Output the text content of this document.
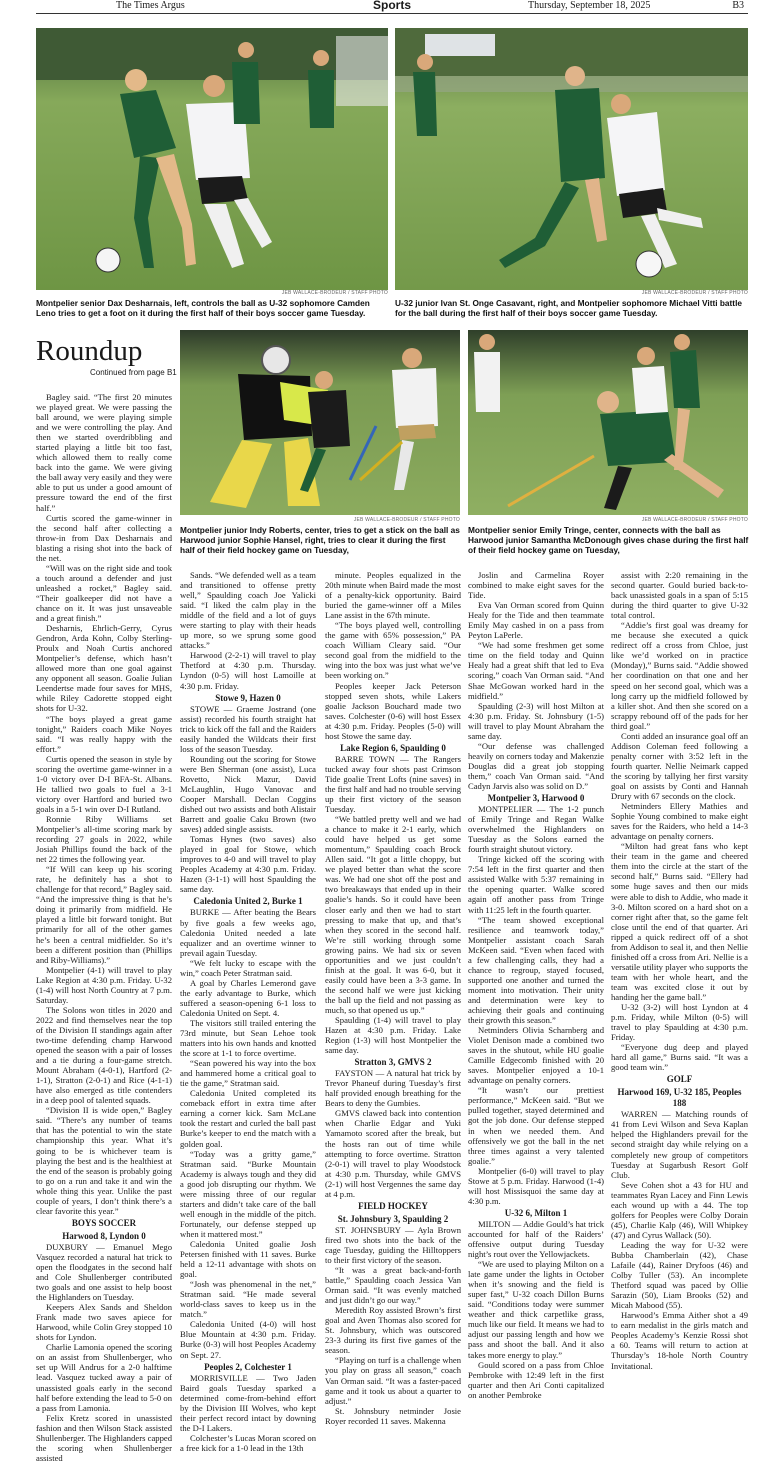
The Times Argus	Sports	Thursday, September 18, 2025	B3
JEB WALLACE-BRODEUR / STAFF PHOTO
Montpelier senior Dax Desharnais, left, controls the ball as U-32 sophomore Camden Leno tries to get a foot on it during the first half of their boys soccer game Tuesday.
JEB WALLACE-BRODEUR / STAFF PHOTO
U-32 junior Ivan St. Onge Casavant, right, and Montpelier sophomore Michael Vitti battle for the ball during the first half of their boys soccer game Tuesday.
Roundup
Continued from page B1
JEB WALLACE-BRODEUR / STAFF PHOTO
Montpelier junior Indy Roberts, center, tries to get a stick on the ball as Harwood junior Sophie Hansel, right, tries to clear it during the first half of their field hockey game on Tuesday,
JEB WALLACE-BRODEUR / STAFF PHOTO
Montpelier senior Emily Tringe, center, connects with the ball as Harwood junior Samantha McDonough gives chase during the first half of their field hockey game on Tuesday,

Bagley said. “The first 20 minutes we played great. We were passing the ball around, we were playing simple and we were controlling the play. And then we started overdribbling and started playing a little bit too fast, which allowed them to really come back into the game. We were giving the ball away very easily and they were able to put us under a good amount of pressure toward the end of the first half.”

Curtis scored the game-winner in the second half after collecting a throw-in from Dax Desharnais and blasting a rising shot into the back of the net.

“Will was on the right side and took a touch around a defender and just unleashed a rocket,” Bagley said. “Their goalkeeper did not have a chance on it. It was just unsaveable and a great finish.”

Desharnis, Ehrlich-Gerry, Cyrus Gendron, Arda Kohn, Colby Sterling-Proulx and Noah Curtis anchored Montpelier’s defense, which hasn’t allowed more than one goal against any opponent all season. Goalie Julian Leendertse made four saves for MHS, while Riley Cadorette stopped eight shots for U-32.

“The boys played a great game tonight,” Raiders coach Mike Noyes said. “I was really happy with the effort.”

Curtis opened the season in style by scoring the overtime game-winner in a 1-0 victory over D-I BFA-St. Albans. He tallied two goals to fuel a 3-1 victory over Hartford and buried two goals in a 5-1 win over D-I Rutland.

Ronnie Riby Williams set Montpelier’s all-time scoring mark by recording 27 goals in 2022, while Josiah Phillips found the back of the net 22 times the following year.

“If Will can keep up his scoring rate, he definitely has a shot to challenge for that record,” Bagley said. “And the impressive thing is that he’s doing it primarily from midfield. He played a little bit forward tonight. But primarily for all of the other games he’s been a central midfielder. So it’s been a different position than (Phillips and Riby-Williams).”

Montpelier (4-1) will travel to play Lake Region at 4:30 p.m. Friday. U-32 (1-4) will host North Country at 7 p.m. Saturday.

The Solons won titles in 2020 and 2022 and find themselves near the top of the Division II standings again after two-time defending champ Harwood opened the season with a pair of losses and a tie during a four-game stretch. Mount Abraham (4-0-1), Hartford (2-1-1), Stratton (2-0-1) and Rice (4-1-1) have also emerged as title contenders in a deep pool of talented squads.

“Division II is wide open,” Bagley said. “There’s any number of teams that has the potential to win the state championship this year. What it’s going to be is whichever team is playing the best and is the healthiest at the end of the season is probably going to go on a run and take it and win the whole thing this year. Unlike the past couple of years, I don’t think there’s a clear favorite this year.”

BOYS SOCCER
Harwood 8, Lyndon 0

DUXBURY — Emanuel Mego Vasquez recorded a natural hat trick to open the floodgates in the second half and Cole Shullenberger contributed two goals and one assist to help boost the Highlanders on Tuesday.

Keepers Alex Sands and Sheldon Frank made two saves apiece for Harwood, while Colin Grey stopped 10 shots for Lyndon.

Charlie Lamonia opened the scoring on an assist from Shullenberger, who set up Will Andrus for a 2-0 halftime lead. Vasquez tucked away a pair of unassisted goals early in the second half before extending the lead to 5-0 on a pass from Lamonia.

Felix Kretz scored in unassisted fashion and then Wilson Stack assisted Shullenberger. The Highlanders capped the scoring when Shullenberger assisted

Sands. “We defended well as a team and transitioned to offense pretty well,” Spaulding coach Joe Yalicki said. “I liked the calm play in the middle of the field and a lot of guys were starting to play with their heads up more, so we sprung some good attacks.”

Harwood (2-2-1) will travel to play Thetford at 4:30 p.m. Thursday. Lyndon (0-5) will host Lamoille at 4:30 p.m. Friday.

Stowe 9, Hazen 0

STOWE — Graeme Jostrand (one assist) recorded his fourth straight hat trick to kick off the fall and the Raiders easily handed the Wildcats their first loss of the season Tuesday.

Rounding out the scoring for Stowe were Ben Sherman (one assist), Luca Rovetto, Nick Mazur, David McLaughlin, Hugo Vanovac and Cooper Marshall. Declan Coggins dished out two assists and both Alistair Barrett and goalie Caku Brown (two saves) added single assists.

Tomas Hynes (two saves) also played in goal for Stowe, which improves to 4-0 and will travel to play Peoples Academy at 4:30 p.m. Friday. Hazen (3-1-1) will host Spaulding the same day.

Caledonia United 2, Burke 1

BURKE — After beating the Bears by five goals a few weeks ago, Caledonia United needed a late equalizer and an overtime winner to prevail again Tuesday.

“We felt lucky to escape with the win,” coach Peter Stratman said.

A goal by Charles Lemerond gave the early advantage to Burke, which suffered a season-opening 6-1 loss to Caledonia United on Sept. 4.

The visitors still trailed entering the 73rd minute, but Sean Lehoe took matters into his own hands and knotted the score at 1-1 to force overtime.

“Sean powered his way into the box and hammered home a critical goal to tie the game,” Stratman said.

Caledonia United completed its comeback effort in extra time after earning a corner kick. Sam McLane took the restart and curled the ball past Burke’s keeper to end the match with a golden goal.

“Today was a gritty game,” Stratman said. “Burke Mountain Academy is always tough and they did a good job disrupting our rhythm. We were missing three of our regular starters and didn’t take care of the ball well enough in the middle of the pitch. Fortunately, our defense stepped up when it mattered most.”

Caledonia United goalie Josh Petersen finished with 11 saves. Burke held a 12-11 advantage with shots on goal.

“Josh was phenomenal in the net,” Stratman said. “He made several world-class saves to keep us in the match.”

Caledonia United (4-0) will host Blue Mountain at 4:30 p.m. Friday. Burke (0-3) will host Peoples Academy on Sept. 27.

Peoples 2, Colchester 1

MORRISVILLE — Two Jaden Baird goals Tuesday sparked a determined come-from-behind effort by the Division III Wolves, who kept their perfect record intact by downing the D-I Lakers.

Colchester’s Lucas Moran scored on a free kick for a 1-0 lead in the 13th

minute. Peoples equalized in the 20th minute when Baird made the most of a penalty-kick opportunity. Baird buried the game-winner off a Miles Lane assist in the 67th minute.

“The boys played well, controlling the game with 65% possession,” PA coach William Cleary said. “Our second goal from the midfield to the wing into the box was just what we’ve been working on.”

Peoples keeper Jack Peterson stopped seven shots, while Lakers goalie Jackson Bouchard made two saves. Colchester (0-6) will host Essex at 4:30 p.m. Friday. Peoples (5-0) will host Stowe the same day.

Lake Region 6, Spaulding 0

BARRE TOWN — The Rangers tucked away four shots past Crimson Tide goalie Trent Lofts (nine saves) in the first half and had no trouble serving up their first victory of the season Tuesday.

“We battled pretty well and we had a chance to make it 2-1 early, which could have helped us get some momentum,” Spaulding coach Brock Allen said. “It got a little choppy, but we played better than what the score was. We had one shot off the post and two breakaways that ended up in their goalie’s hands. So it could have been closer early and then we had to start pressing to make that up, and that’s when they scored in the second half. We’re still working through some growing pains. We had six or seven opportunities and we just couldn’t finish at the goal. It was 6-0, but it easily could have been a 3-3 game. In the second half we were just kicking the ball up the field and not passing as much, so that opened us up.”

Spaulding (1-4) will travel to play Hazen at 4:30 p.m. Friday. Lake Region (1-3) will host Montpelier the same day.

Stratton 3, GMVS 2

FAYSTON — A natural hat trick by Trevor Phaneuf during Tuesday’s first half provided enough breathing for the Bears to deny the Gumbies.

GMVS clawed back into contention when Charlie Edgar and Yuki Yamamoto scored after the break, but the hosts ran out of time while attempting to force overtime. Stratton (2-0-1) will travel to play Woodstock at 4:30 p.m. Thursday, while GMVS (2-1) will host Vergennes the same day at 4 p.m.

FIELD HOCKEY
St. Johnsbury 3, Spaulding 2

ST. JOHNSBURY — Ayla Brown fired two shots into the back of the cage Tuesday, guiding the Hilltoppers to their first victory of the season.

“It was a great back-and-forth battle,” Spaulding coach Jessica Van Orman said. “It was evenly matched and just didn’t go our way.”

Meredith Roy assisted Brown’s first goal and Aven Thomas also scored for St. Johnsbury, which was outscored 23-3 during its first five games of the season.

“Playing on turf is a challenge when you play on grass all season,” coach Van Orman said. “It was a faster-paced game and it took us about a quarter to adjust.”

St. Johnsbury netminder Josie Royer recorded 11 saves. Makenna

Joslin and Carmelina Royer combined to make eight saves for the Tide.

Eva Van Orman scored from Quinn Healy for the Tide and then teammate Emily May cashed in on a pass from Peyton LaPerle.

“We had some freshmen get some time on the field today and Quinn Healy had a great shift that led to Eva scoring,” coach Van Orman said. “And Shae McGowan worked hard in the midfield.”

Spaulding (2-3) will host Milton at 4:30 p.m. Friday. St. Johnsbury (1-5) will travel to play Mount Abraham the same day.

“Our defense was challenged heavily on corners today and Makenzie Douglas did a great job stopping them,” coach Van Orman said. “And Cadyn Jarvis also was solid on D.”

Montpelier 3, Harwood 0

MONTPELIER — The 1-2 punch of Emily Tringe and Regan Walke overwhelmed the Highlanders on Tuesday as the Solons earned the fourth straight shutout victory.

Tringe kicked off the scoring with 7:54 left in the first quarter and then assisted Walke with 5:37 remaining in the opening quarter. Walke scored again off another pass from Tringe with 11:25 left in the fourth quarter.

“The team showed exceptional resilience and teamwork today,” Montpelier assistant coach Sarah McKeen said. “Even when faced with a few challenging calls, they had a chance to regroup, stayed focused, supported one another and turned the moment into motivation. Their unity and determination were key to achieving their goals and continuing their growth this season.”

Netminders Olivia Scharnberg and Violet Denison made a combined two saves in the shutout, while HU goalie Camille Edgecomb finished with 20 saves. Montpelier enjoyed a 10-1 advantage on penalty corners.

“It wasn’t our prettiest performance,” McKeen said. “But we pulled together, stayed determined and got the job done. Our defense stepped in when we needed them. And offensively we got the ball in the net three times against a very talented goalie.”

Montpelier (6-0) will travel to play Stowe at 5 p.m. Friday. Harwood (1-4) will host Missisquoi the same day at 4:30 p.m.

U-32 6, Milton 1

MILTON — Addie Gould’s hat trick accounted for half of the Raiders’ offensive output during Tuesday night’s rout over the Yellowjackets.

“We are used to playing Milton on a late game under the lights in October when it’s snowing and the field is super fast,” U-32 coach Dillon Burns said. “Conditions today were summer weather and thick carpetlike grass, much like our field. It means we had to adjust our passing length and how we pass and shoot the ball. And it also takes more energy to play.”

Gould scored on a pass from Chloe Pembroke with 12:49 left in the first quarter and then Ari Conti capitalized on another Pembroke

assist with 2:20 remaining in the second quarter. Gould buried back-to-back unassisted goals in a span of 5:15 during the third quarter to give U-32 total control.

“Addie’s first goal was dreamy for me because she executed a quick redirect off a cross from Chloe, just like we’d worked on in practice (Monday),” Burns said. “Addie showed her coordination on that one and her speed on her second goal, which was a long carry up the midfield followed by a killer shot. And then she scored on a scrappy rebound off of the pads for her third goal.”

Conti added an insurance goal off an Addison Coleman feed following a penalty corner with 3:52 left in the fourth quarter. Nellie Neimark capped the scoring by tallying her first varsity goal on assists by Conti and Hannah Drury with 67 seconds on the clock.

Netminders Ellery Mathies and Sophie Young combined to make eight saves for the Raiders, who held a 14-3 advantage on penalty corners.

“Milton had great fans who kept their team in the game and cheered them into the circle at the start of the second half,” Burns said. “Ellery had some huge saves and then our mids were able to dish to Addie, who made it 3-0. Milton scored on a hard shot on a corner right after that, so the game felt close until the end of that quarter. Ari ripped a quick redirect off of a shot from Addison to seal it, and then Nellie finished off a cross from Ari. Nellie is a versatile utility player who supports the team with her whole heart, and the team was excited close it out by handing her the game ball.”

U-32 (3-2) will host Lyndon at 4 p.m. Friday, while Milton (0-5) will travel to play Spaulding at 4:30 p.m. Friday.

“Everyone dug deep and played hard all game,” Burns said. “It was a good team win.”

GOLF
Harwood 169, U-32 185, Peoples 188

WARREN — Matching rounds of 41 from Levi Wilson and Seva Kaplan helped the Highlanders prevail for the second straight day while relying on a completely new group of competitors Tuesday at Sugarbush Resort Golf Club.

Seve Cohen shot a 43 for HU and teammates Ryan Lacey and Finn Lewis each wound up with a 44. The top golfers for Peoples were Colby Dorain (45), Charlie Kalp (46), Will Whipkey (47) and Cyrus Wallack (50).

Leading the way for U-32 were Bubba Chamberlain (42), Chase Lafaile (44), Rainer Dryfoos (46) and Colby Tuller (53). An incomplete Thetford squad was paced by Ollie Sarazin (50), Liam Brooks (52) and Micah Mabood (55).

Harwood’s Emma Aither shot a 49 to earn medalist in the girls match and Peoples Academy’s Kenzie Rossi shot a 60. Teams will return to action at Thursday’s 18-hole North Country Invitational.
